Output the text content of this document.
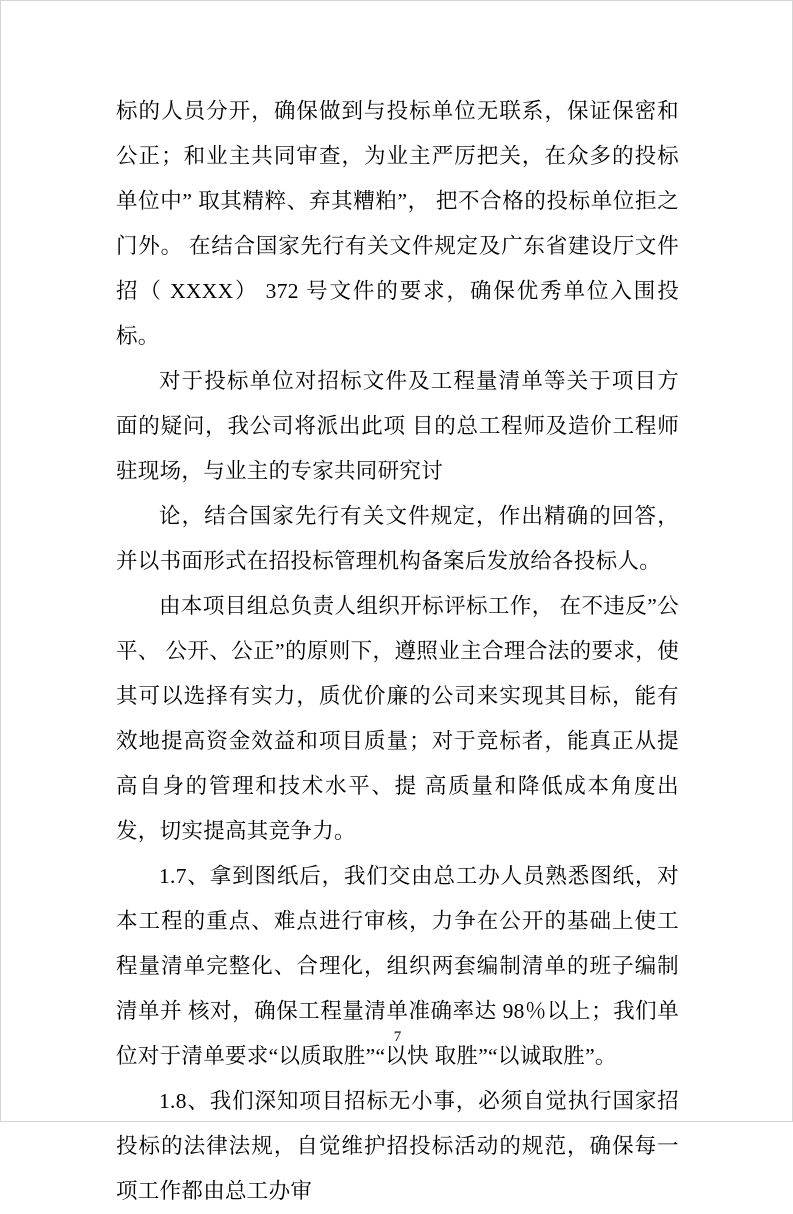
标的人员分开，确保做到与投标单位无联系，保证保密和 公正；和业主共同审查，为业主严厉把关，在众多的投标单位中” 取其精粹、弃其糟粕”， 把不合格的投标单位拒之门外。 在结合国家先行有关文件规定及广东省建设厅文件招（ XXXX） 372 号文件的要求，确保优秀单位入围投标。

对于投标单位对招标文件及工程量清单等关于项目方面的疑问，我公司将派出此项 目的总工程师及造价工程师驻现场，与业主的专家共同研究讨

论，结合国家先行有关文件规定，作出精确的回答，并以书面形式在招投标管理机构备案后发放给各投标人。

由本项目组总负责人组织开标评标工作， 在不违反”公平、 公开、公正”的原则下，遵照业主合理合法的要求，使其可以选择有实力，质优价廉的公司来实现其目标，能有 效地提高资金效益和项目质量；对于竞标者，能真正从提高自身的管理和技术水平、提 高质量和降低成本角度出发，切实提高其竞争力。

1.7、拿到图纸后，我们交由总工办人员熟悉图纸，对本工程的重点、难点进行审核，力争在公开的基础上使工程量清单完整化、合理化，组织两套编制清单的班子编制清单并 核对，确保工程量清单准确率达 98％以上；我们单位对于清单要求“以质取胜”“以快 取胜”“以诚取胜”。

1.8、我们深知项目招标无小事，必须自觉执行国家招投标的法律法规，自觉维护招投标活动的规范，确保每一项工作都由总工办审

7
